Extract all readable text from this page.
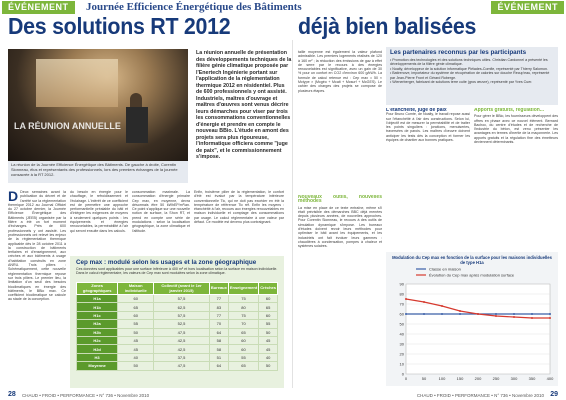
ÉVÉNEMENT	Journée Efficience Énergétique des Bâtiments	ÉVÉNEMENT
Des solutions RT 2012	déjà bien balisées
LA RÉUNION ANNUELLE
La réunion de la Journée Efficience Énergétique des Bâtiments. De gauche à droite, Corentin Sionneau, élus et représentants des professionnels, lors des premiers échanges de la journée consacrée à la RT 2012.
La réunion annuelle de présentation des développements techniques de la filière génie climatique proposée par l'Enertech Ingénierie portant sur l'application de la réglementation thermique 2012 en résidentiel. Plus de 600 professionnels y ont assisté. Industriels, maîtres d'ouvrage et maîtres d'œuvres sont venus décrire leurs démarches pour viser par trois les consommations conventionnelles d'énergie et prendre en compte le nouveau BBio. L'étude en amont des projets sera plus rigoureuse, l'informatique officiera comme "juge de paix", et le commissionnement s'impose.
D Deux semaines avant la publication du décret et de l'arrêté sur la réglementation thermique 2012 au Journal Officiel du 27 octobre dernier, la Journée Efficience Énergétique des Bâtiments (JEEB) organisée par la filière a été un fort moment d'échanges. Près de 600 professionnels y ont assisté. Les professionnels ont relevé les enjeux de la réglementation thermique applicable dès le 28 octobre 2011 à la construction de bâtiments tertiaires et d'enseignement, aux crèches et aux bâtiments à usage d'habitation construits en zone ANRU. Trois piliers : Schématiquement, cette nouvelle réglementation thermique repose sur trois piliers. Le premier lieu, la limitation d'un seuil des besoins bioclimatiques en énergie des bâtiments, le BBio max. Ce coefficient bioclimatique se calcule au stade de la conception.
du besoin en énergie pour le chauffage, le refroidissement et l'éclairage. L'intérêt de ce coefficient est de permettre une approche performantielle préalable du bâti et d'intégrer les exigences de moyens à seulement quelques points : les équipements et énergies renouvelables, la perméabilité à l'air qui seront ensuite dans les calculs.
consommation maximale. La consommation d'énergie primaire Cep max, en moyenne, devra désormais être 50 kWhEP/m²/an. Ce point s'applique sur une nouvelle notion de surface, la Shon RT, et prend en compte une série de modulations : selon la localisation géographique, la zone climatique et l'altitude.
Enfin, troisième pilier de la réglementation, le confort d'été est évalué par la température intérieure conventionnelle Tic, qui ne doit pas excéder en été la température de référence Tic réf. Enfin les moyens : étanchéité à l'air, recours aux énergies renouvelables en maison individuelle et comptage des consommations par usage. Le calcul réglementaire à une valeur par défaut. Ce modèle est devenu plus contraignant.
Cep max : modulé selon les usages et la zone géographique
Ces données sont applicables pour une surface inférieure à 400 m² et hors localisation selon la surface en maison individuelle. Dans le calcul réglementaire, les valeurs de Cep max sont modulées selon la zone climatique.
Zones géographiques	Maison individuelle	Collectif (avant le 1er janvier 2015)	Bureaux	Enseignement	Crèches
H1a	60	57,5	77	75	60
H1b	65	62,5	83	80	65
H1c	60	57,5	77	75	60
H2a	55	52,5	70	70	55
H2b	50	47,5	64	65	50
H2c	45	42,5	58	60	45
H2d	45	42,5	58	60	45
H3	40	37,5	51	55	40
Moyenne	50	47,5	64	65	50
taille moyenne est également la valeur plafond admissible. Les premiers logements réalisés de 120 à 160 m² ; la réduction des émissions de gaz à effet de serre par le recours à des énergies renouvelables est significative, avec un gain de 30 % pour un confort en CO2 d'environ 600 g/kWh. La formule de calcul retenue est : Cep max = 50 × Mctype × (Mcgéo + Mcalt + Mcsurf + McGES). Le cahier des charges des projets se compose de plusieurs étapes.
Nouveaux outils, nouvelles méthodes
La mise en place de ce texte entraîne, même s'il était prévisible des démarches BBC déjà menées depuis plusieurs années, de nouvelles approches. Pour Corentin Sionneau, le recours à des outils de simulation dynamique s'impose. Les bureaux d'études doivent revoir leurs méthodes pour optimiser le bâti avant les équipements, et les industriels ont fait évoluer leurs gammes : chaudières à condensation, pompes à chaleur et systèmes solaires.
Les partenaires reconnus par les participants
• Promotion des technologies et des solutions techniques utiles. Christian Cardonnel a présenté les développements de la filière génie climatique.
• Noalty, développeur de la solution informatique Pléiades-Comfie, représenté par Thierry Salomon.
• Batirenove, importateur du système de récupération de calories sur douche Recup'eau, représenté par Jean-Pierre Front et Gérard Roberge.
• Wienerberger, fabricant de solutions terre cuite (gros œuvre), représenté par Yves Cuer.
L'étanchéité, juge de paix
Pour Bruno Comte, de Noalty, le travail repose aussi sur l'étanchéité à l'air des constructions. Selon lui, l'objectif est de mesurer la perméabilité et de traiter les points singuliers : jonctions, menuiseries, traversées de parois. Les maîtres d'œuvre doivent anticiper les tests dès la conception et former les équipes de chantier aux bonnes pratiques.
Apports gratuits, régulation...
Pour gérer le BBio, les fournisseurs développent des offres en phase avec ce nouvel élément. Bernard Bachoc, du centre d'études et de recherche de l'industrie du béton, est venu présenter les avantages en termes d'inertie de la maçonnerie. Les apports gratuits et la régulation fine des émetteurs deviennent déterminants.
Modulation du Cep max en fonction de la surface pour les maisons individuelles de type H1a
0
10
20
30
40
50
60
70
80
90
0	50	100	150	200	250	300	350	400
Classe en maison
Évolution du Cep max après modulation surface
28 CHAUD • FROID • PERFORMANCE • N° 736 • Novembre 2010	CHAUD • FROID • PERFORMANCE • N° 736 • Novembre 2010 29
